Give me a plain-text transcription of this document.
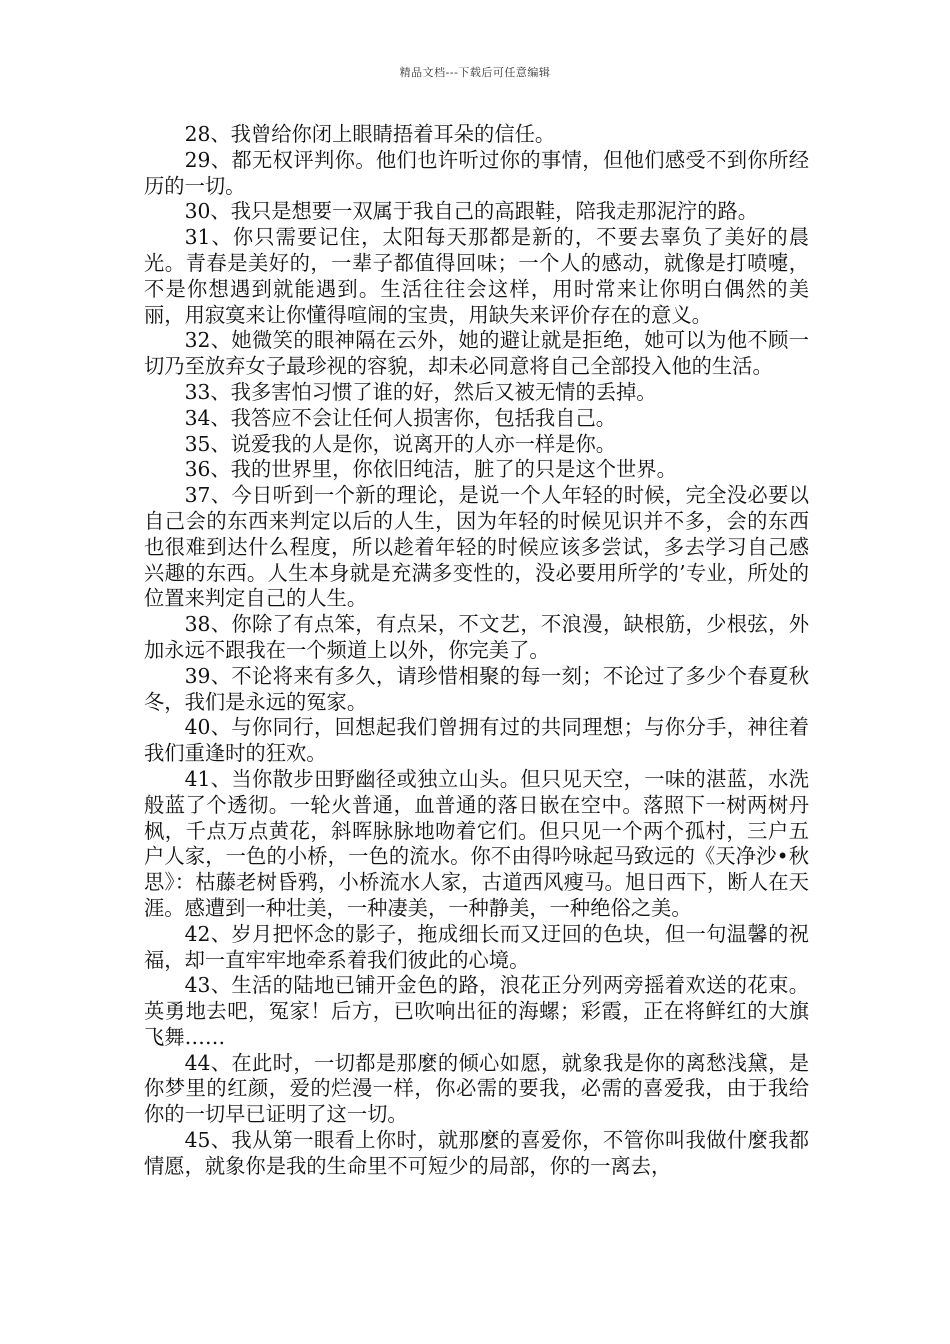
精品文档---下载后可任意编辑

28、我曾给你闭上眼睛捂着耳朵的信任。

29、都无权评判你。他们也许听过你的事情，但他们感受不到你所经历的一切。

30、我只是想要一双属于我自己的高跟鞋，陪我走那泥泞的路。

31、你只需要记住，太阳每天那都是新的，不要去辜负了美好的晨光。青春是美好的，一辈子都值得回味；一个人的感动，就像是打喷嚏，不是你想遇到就能遇到。生活往往会这样，用时常来让你明白偶然的美丽，用寂寞来让你懂得喧闹的宝贵，用缺失来评价存在的意义。

32、她微笑的眼神隔在云外，她的避让就是拒绝，她可以为他不顾一切乃至放弃女子最珍视的容貌，却未必同意将自己全部投入他的生活。

33、我多害怕习惯了谁的好，然后又被无情的丢掉。

34、我答应不会让任何人损害你，包括我自己。

35、说爱我的人是你，说离开的人亦一样是你。

36、我的世界里，你依旧纯洁，脏了的只是这个世界。

37、今日听到一个新的理论，是说一个人年轻的时候，完全没必要以自己会的东西来判定以后的人生，因为年轻的时候见识并不多，会的东西也很难到达什么程度，所以趁着年轻的时候应该多尝试，多去学习自己感兴趣的东西。人生本身就是充满多变性的，没必要用所学的’专业，所处的位置来判定自己的人生。

38、你除了有点笨，有点呆，不文艺，不浪漫，缺根筋，少根弦，外加永远不跟我在一个频道上以外，你完美了。

39、不论将来有多久，请珍惜相聚的每一刻；不论过了多少个春夏秋冬，我们是永远的冤家。

40、与你同行，回想起我们曾拥有过的共同理想；与你分手，神往着我们重逢时的狂欢。

41、当你散步田野幽径或独立山头。但只见天空，一味的湛蓝，水洗般蓝了个透彻。一轮火普通，血普通的落日嵌在空中。落照下一树两树丹枫，千点万点黄花，斜晖脉脉地吻着它们。但只见一个两个孤村，三户五户人家，一色的小桥，一色的流水。你不由得吟咏起马致远的《天净沙•秋思》：枯藤老树昏鸦，小桥流水人家，古道西风瘦马。旭日西下，断人在天涯。感遭到一种壮美，一种凄美，一种静美，一种绝俗之美。

42、岁月把怀念的影子，拖成细长而又迂回的色块，但一句温馨的祝福，却一直牢牢地牵系着我们彼此的心境。

43、生活的陆地已铺开金色的路，浪花正分列两旁摇着欢送的花束。英勇地去吧，冤家！后方，已吹响出征的海螺；彩霞，正在将鲜红的大旗飞舞……

44、在此时，一切都是那麼的倾心如愿，就象我是你的离愁浅黛，是你梦里的红颜，爱的烂漫一样，你必需的要我，必需的喜爱我，由于我给你的一切早已证明了这一切。

45、我从第一眼看上你时，就那麼的喜爱你，不管你叫我做什麼我都情愿，就象你是我的生命里不可短少的局部，你的一离去，
